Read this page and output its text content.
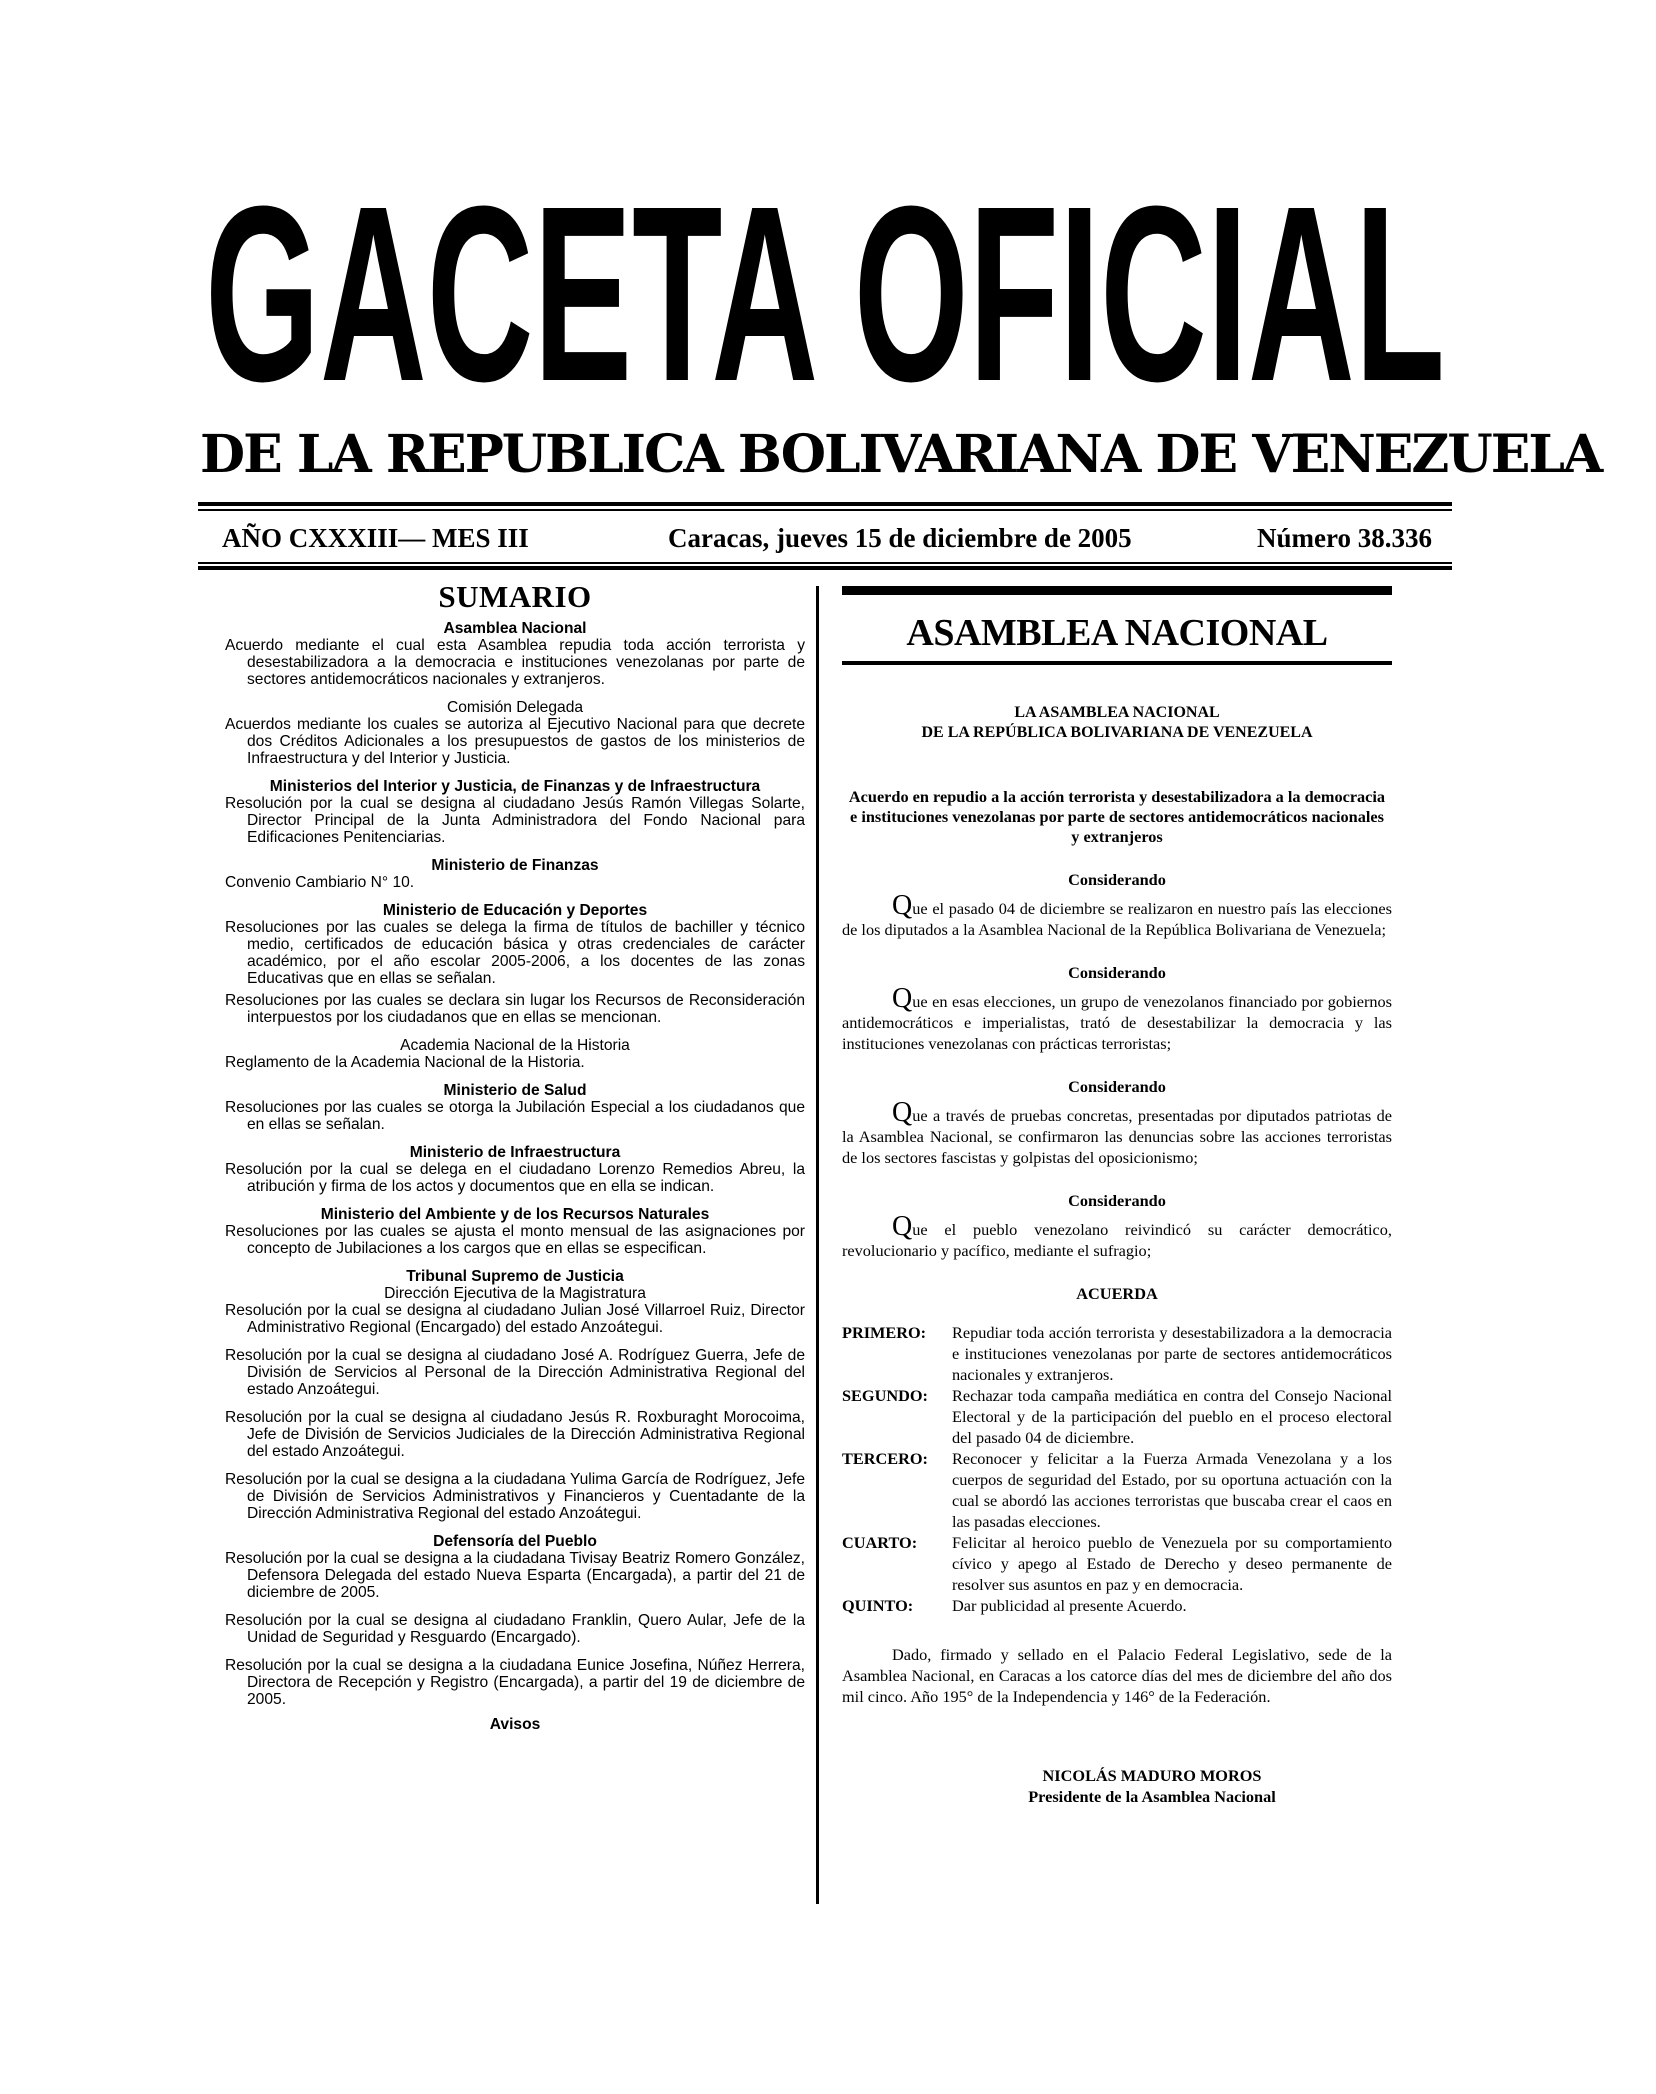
GACETA OFICIAL
DE LA REPUBLICA BOLIVARIANA DE VENEZUELA
AÑO CXXXIII— MES III	Caracas, jueves 15 de diciembre de 2005	Número 38.336
SUMARIO
Asamblea Nacional
Acuerdo mediante el cual esta Asamblea repudia toda acción terrorista y desestabilizadora a la democracia e instituciones venezolanas por parte de sectores antidemocráticos nacionales y extranjeros.
Comisión Delegada
Acuerdos mediante los cuales se autoriza al Ejecutivo Nacional para que decrete dos Créditos Adicionales a los presupuestos de gastos de los ministerios de Infraestructura y del Interior y Justicia.
Ministerios del Interior y Justicia, de Finanzas y de Infraestructura
Resolución por la cual se designa al ciudadano Jesús Ramón Villegas Solarte, Director Principal de la Junta Administradora del Fondo Nacional para Edificaciones Penitenciarias.
Ministerio de Finanzas
Convenio Cambiario N° 10.
Ministerio de Educación y Deportes
Resoluciones por las cuales se delega la firma de títulos de bachiller y técnico medio, certificados de educación básica y otras credenciales de carácter académico, por el año escolar 2005-2006, a los docentes de las zonas Educativas que en ellas se señalan.
Resoluciones por las cuales se declara sin lugar los Recursos de Reconsideración interpuestos por los ciudadanos que en ellas se mencionan.
Academia Nacional de la Historia
Reglamento de la Academia Nacional de la Historia.
Ministerio de Salud
Resoluciones por las cuales se otorga la Jubilación Especial a los ciudadanos que en ellas se señalan.
Ministerio de Infraestructura
Resolución por la cual se delega en el ciudadano Lorenzo Remedios Abreu, la atribución y firma de los actos y documentos que en ella se indican.
Ministerio del Ambiente y de los Recursos Naturales
Resoluciones por las cuales se ajusta el monto mensual de las asignaciones por concepto de Jubilaciones a los cargos que en ellas se especifican.
Tribunal Supremo de Justicia
Dirección Ejecutiva de la Magistratura
Resolución por la cual se designa al ciudadano Julian José Villarroel Ruiz, Director Administrativo Regional (Encargado) del estado Anzoátegui.
Resolución por la cual se designa al ciudadano José A. Rodríguez Guerra, Jefe de División de Servicios al Personal de la Dirección Administrativa Regional del estado Anzoátegui.
Resolución por la cual se designa al ciudadano Jesús R. Roxburaght Morocoima, Jefe de División de Servicios Judiciales de la Dirección Administrativa Regional del estado Anzoátegui.
Resolución por la cual se designa a la ciudadana Yulima García de Rodríguez, Jefe de División de Servicios Administrativos y Financieros y Cuentadante de la Dirección Administrativa Regional del estado Anzoátegui.
Defensoría del Pueblo
Resolución por la cual se designa a la ciudadana Tivisay Beatriz Romero González, Defensora Delegada del estado Nueva Esparta (Encargada), a partir del 21 de diciembre de 2005.
Resolución por la cual se designa al ciudadano Franklin, Quero Aular, Jefe de la Unidad de Seguridad y Resguardo (Encargado).
Resolución por la cual se designa a la ciudadana Eunice Josefina, Núñez Herrera, Directora de Recepción y Registro (Encargada), a partir del 19 de diciembre de 2005.
Avisos
ASAMBLEA NACIONAL
LA ASAMBLEA NACIONAL
DE LA REPÚBLICA BOLIVARIANA DE VENEZUELA
Acuerdo en repudio a la acción terrorista y desestabilizadora a la democracia e instituciones venezolanas por parte de sectores antidemocráticos nacionales y extranjeros
Considerando
Que el pasado 04 de diciembre se realizaron en nuestro país las elecciones de los diputados a la Asamblea Nacional de la República Bolivariana de Venezuela;
Considerando
Que en esas elecciones, un grupo de venezolanos financiado por gobiernos antidemocráticos e imperialistas, trató de desestabilizar la democracia y las instituciones venezolanas con prácticas terroristas;
Considerando
Que a través de pruebas concretas, presentadas por diputados patriotas de la Asamblea Nacional, se confirmaron las denuncias sobre las acciones terroristas de los sectores fascistas y golpistas del oposicionismo;
Considerando
Que el pueblo venezolano reivindicó su carácter democrático, revolucionario y pacífico, mediante el sufragio;
ACUERDA
PRIMERO:	Repudiar toda acción terrorista y desestabilizadora a la democracia e instituciones venezolanas por parte de sectores antidemocráticos nacionales y extranjeros.
SEGUNDO:	Rechazar toda campaña mediática en contra del Consejo Nacional Electoral y de la participación del pueblo en el proceso electoral del pasado 04 de diciembre.
TERCERO:	Reconocer y felicitar a la Fuerza Armada Venezolana y a los cuerpos de seguridad del Estado, por su oportuna actuación con la cual se abordó las acciones terroristas que buscaba crear el caos en las pasadas elecciones.
CUARTO:	Felicitar al heroico pueblo de Venezuela por su comportamiento cívico y apego al Estado de Derecho y deseo permanente de resolver sus asuntos en paz y en democracia.
QUINTO:	Dar publicidad al presente Acuerdo.
Dado, firmado y sellado en el Palacio Federal Legislativo, sede de la Asamblea Nacional, en Caracas a los catorce días del mes de diciembre del año dos mil cinco. Año 195° de la Independencia y 146° de la Federación.
NICOLÁS MADURO MOROS
Presidente de la Asamblea Nacional
